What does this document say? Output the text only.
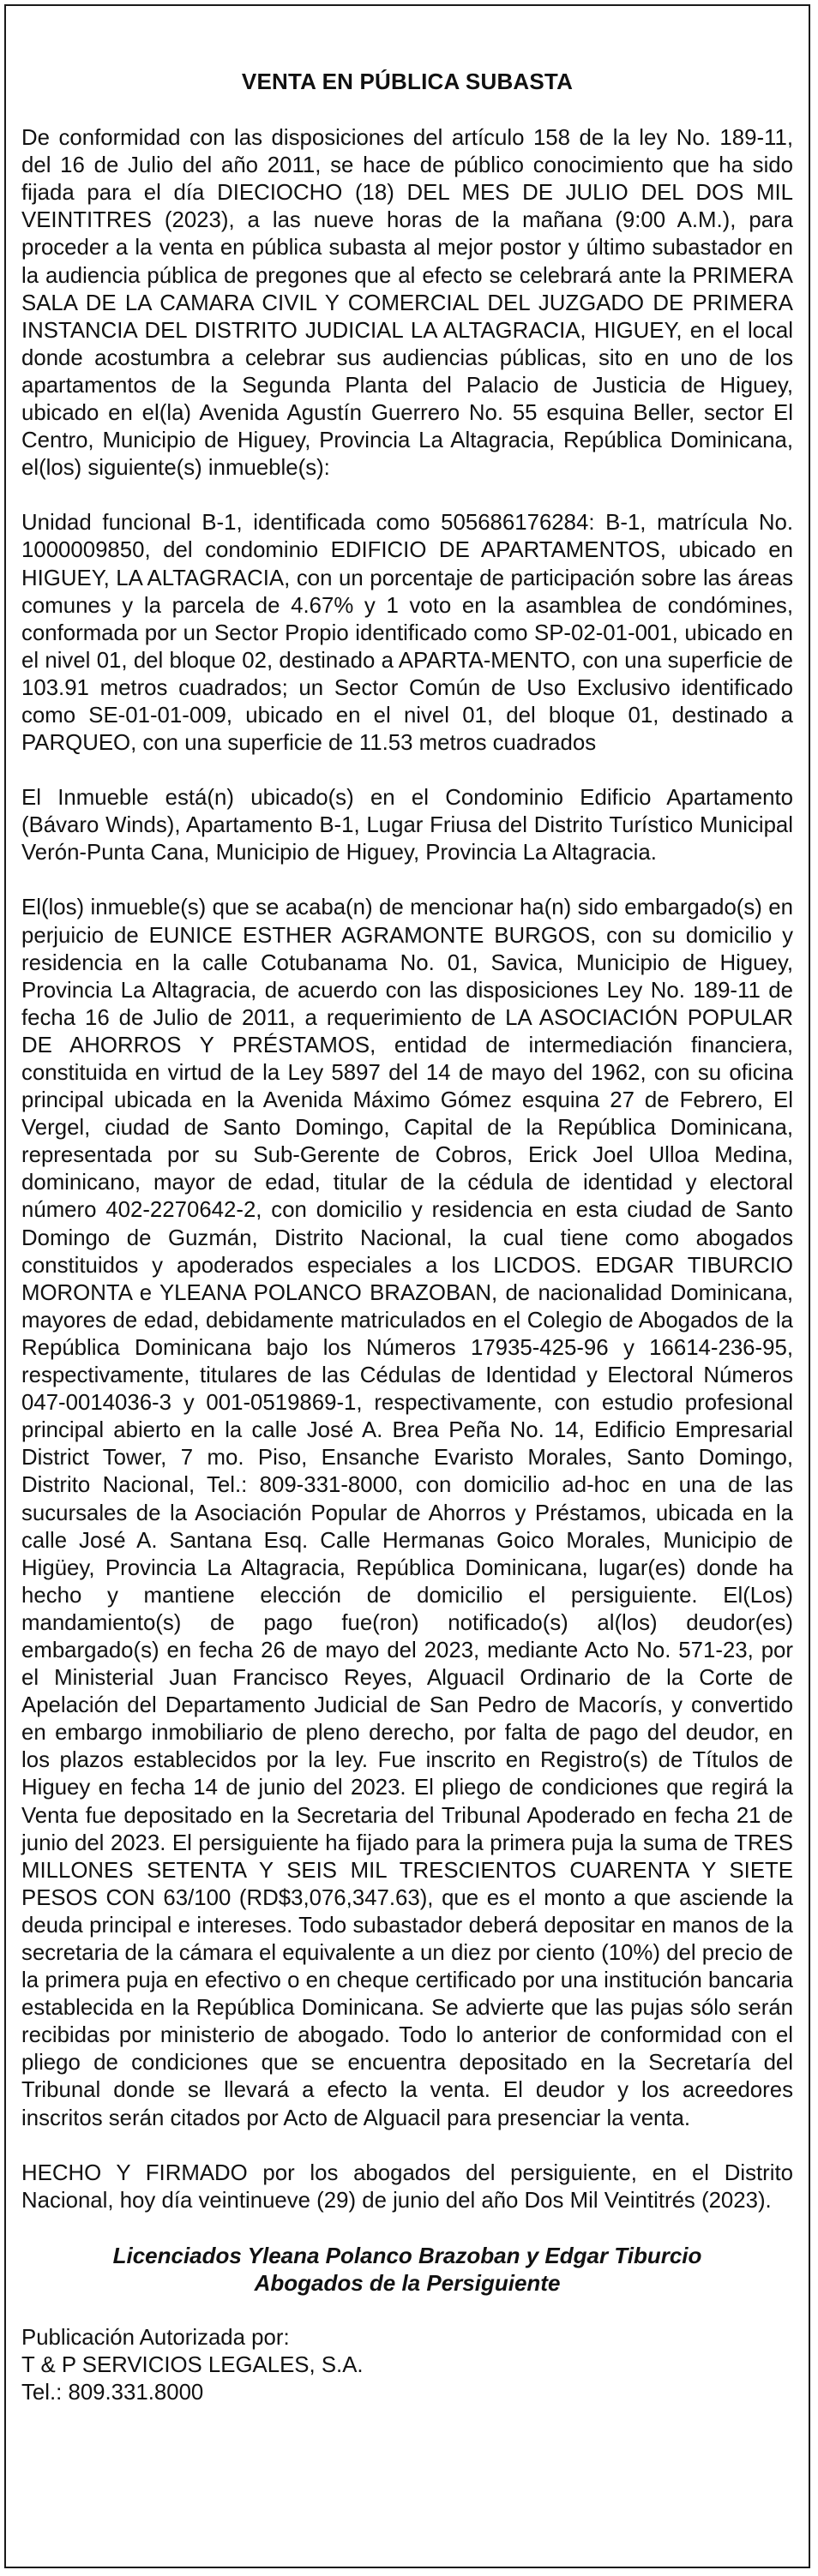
VENTA EN PÚBLICA SUBASTA

De conformidad con las disposiciones del artículo 158 de la ley No. 189-11, del 16 de Julio del año 2011, se hace de público conocimiento que ha sido fijada para el día DIECIOCHO (18) DEL MES DE JULIO DEL DOS MIL VEINTITRES (2023), a las nueve horas de la mañana (9:00 A.M.), para proceder a la venta en pública subasta al mejor postor y último subastador en la audiencia pública de pregones que al efecto se celebrará ante la PRIMERA SALA DE LA CAMARA CIVIL Y COMERCIAL DEL JUZGADO DE PRIMERA INSTANCIA DEL DISTRITO JUDICIAL LA ALTAGRACIA, HIGUEY, en el local donde acostumbra a celebrar sus audiencias públicas, sito en uno de los apartamentos de la Segunda Planta del Palacio de Justicia de Higuey, ubicado en el(la) Avenida Agustín Guerrero No. 55 esquina Beller, sector El Centro, Municipio de Higuey, Provincia La Altagracia, República Dominicana, el(los) siguiente(s) inmueble(s):

Unidad funcional B-1, identificada como 505686176284: B-1, matrícula No. 1000009850, del condominio EDIFICIO DE APARTAMENTOS, ubicado en HIGUEY, LA ALTAGRACIA, con un porcentaje de participación sobre las áreas comunes y la parcela de 4.67% y 1 voto en la asamblea de condómines, conformada por un Sector Propio identificado como SP-02-01-001, ubicado en el nivel 01, del bloque 02, destinado a APARTA-MENTO, con una superficie de 103.91 metros cuadrados; un Sector Común de Uso Exclusivo identificado como SE-01-01-009, ubicado en el nivel 01, del bloque 01, destinado a PARQUEO, con una superficie de 11.53 metros cuadrados

El Inmueble está(n) ubicado(s) en el Condominio Edificio Apartamento (Bávaro Winds), Apartamento B-1, Lugar Friusa del Distrito Turístico Municipal Verón-Punta Cana, Municipio de Higuey, Provincia La Altagracia.

El(los) inmueble(s) que se acaba(n) de mencionar ha(n) sido embargado(s) en perjuicio de EUNICE ESTHER AGRAMONTE BURGOS, con su domicilio y residencia en la calle Cotubanama No. 01, Savica, Municipio de Higuey, Provincia La Altagracia, de acuerdo con las disposiciones Ley No. 189-11 de fecha 16 de Julio de 2011, a requerimiento de LA ASOCIACIÓN POPULAR DE AHORROS Y PRÉSTAMOS, entidad de intermediación financiera, constituida en virtud de la Ley 5897 del 14 de mayo del 1962, con su oficina principal ubicada en la Avenida Máximo Gómez esquina 27 de Febrero, El Vergel, ciudad de Santo Domingo, Capital de la República Dominicana, representada por su Sub-Gerente de Cobros, Erick Joel Ulloa Medina, dominicano, mayor de edad, titular de la cédula de identidad y electoral número 402-2270642-2, con domicilio y residencia en esta ciudad de Santo Domingo de Guzmán, Distrito Nacional, la cual tiene como abogados constituidos y apoderados especiales a los LICDOS. EDGAR TIBURCIO MORONTA e YLEANA POLANCO BRAZOBAN, de nacionalidad Dominicana, mayores de edad, debidamente matriculados en el Colegio de Abogados de la República Dominicana bajo los Números 17935-425-96 y 16614-236-95, respectivamente, titulares de las Cédulas de Identidad y Electoral Números 047-0014036-3 y 001-0519869-1, respectivamente, con estudio profesional principal abierto en la calle José A. Brea Peña No. 14, Edificio Empresarial District Tower, 7 mo. Piso, Ensanche Evaristo Morales, Santo Domingo, Distrito Nacional, Tel.: 809-331-8000, con domicilio ad-hoc en una de las sucursales de la Asociación Popular de Ahorros y Préstamos, ubicada en la calle José A. Santana Esq. Calle Hermanas Goico Morales, Municipio de Higüey, Provincia La Altagracia, República Dominicana, lugar(es) donde ha hecho y mantiene elección de domicilio el persiguiente. El(Los) mandamiento(s) de pago fue(ron) notificado(s) al(los) deudor(es) embargado(s) en fecha 26 de mayo del 2023, mediante Acto No. 571-23, por el Ministerial Juan Francisco Reyes, Alguacil Ordinario de la Corte de Apelación del Departamento Judicial de San Pedro de Macorís, y convertido en embargo inmobiliario de pleno derecho, por falta de pago del deudor, en los plazos establecidos por la ley. Fue inscrito en Registro(s) de Títulos de Higuey en fecha 14 de junio del 2023. El pliego de condiciones que regirá la Venta fue depositado en la Secretaria del Tribunal Apoderado en fecha 21 de junio del 2023. El persiguiente ha fijado para la primera puja la suma de TRES MILLONES SETENTA Y SEIS MIL TRESCIENTOS CUARENTA Y SIETE PESOS CON 63/100 (RD$3,076,347.63), que es el monto a que asciende la deuda principal e intereses. Todo subastador deberá depositar en manos de la secretaria de la cámara el equivalente a un diez por ciento (10%) del precio de la primera puja en efectivo o en cheque certificado por una institución bancaria establecida en la República Dominicana. Se advierte que las pujas sólo serán recibidas por ministerio de abogado. Todo lo anterior de conformidad con el pliego de condiciones que se encuentra depositado en la Secretaría del Tribunal donde se llevará a efecto la venta. El deudor y los acreedores inscritos serán citados por Acto de Alguacil para presenciar la venta.

HECHO Y FIRMADO por los abogados del persiguiente, en el Distrito Nacional, hoy día veintinueve (29) de junio del año Dos Mil Veintitrés (2023).

Licenciados Yleana Polanco Brazoban y Edgar Tiburcio
Abogados de la Persiguiente
Publicación Autorizada por:
T & P SERVICIOS LEGALES, S.A.
Tel.: 809.331.8000
